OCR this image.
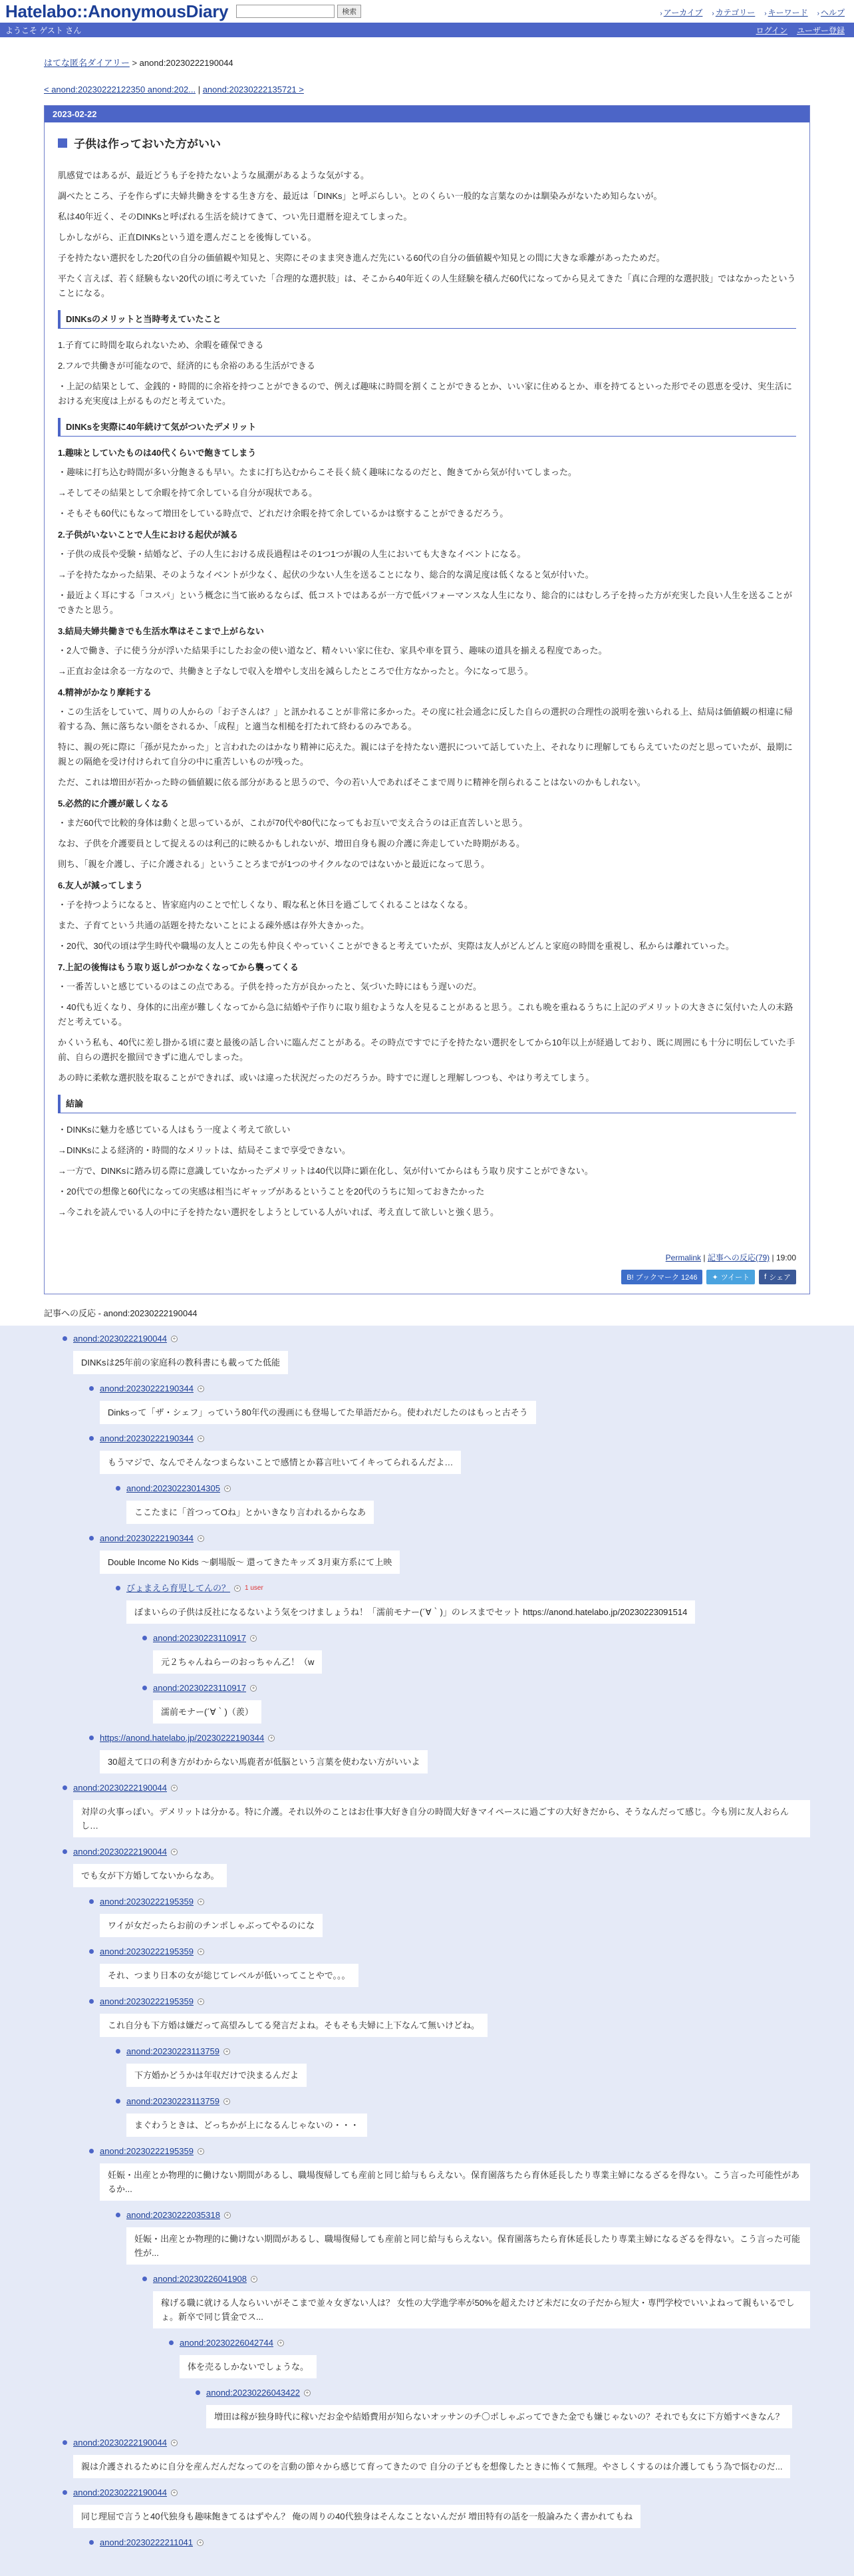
Hatelabo::AnonymousDiary	検索	› アーカイブ › カテゴリー › キーワード › ヘルプ
ようこそ ゲスト さん	ログイン ユーザー登録
はてな匿名ダイアリー > anond:20230222190044
< anond:20230222122350 anond:202... | anond:20230222135721 >
2023-02-22
子供は作っておいた方がいい
肌感覚ではあるが、最近どうも子を持たないような風潮があるような気がする。
調べたところ、子を作らずに夫婦共働きをする生き方を、最近は「DINKs」と呼ぶらしい。とのくらい一般的な言葉なのかは馴染みがないため知らないが。
私は40年近く、そのDINKsと呼ばれる生活を続けてきて、つい先日還暦を迎えてしまった。
しかしながら、正直DINKsという道を選んだことを後悔している。
子を持たない選択をした20代の自分の価値観や知見と、実際にそのまま突き進んだ先にいる60代の自分の価値観や知見との間に大きな乖離があったためだ。
平たく言えば、若く経験もない20代の頃に考えていた「合理的な選択肢」は、そこから40年近くの人生経験を積んだ60代になってから見えてきた「真に合理的な選択肢」ではなかったということになる。
DINKsのメリットと当時考えていたこと
1.子育てに時間を取られないため、余暇を確保できる
2.フルで共働きが可能なので、経済的にも余裕のある生活ができる
・上記の結果として、金銭的・時間的に余裕を持つことができるので、例えば趣味に時間を割くことができるとか、いい家に住めるとか、車を持てるといった形でその恩恵を受け、実生活における充実度は上がるものだと考えていた。
DINKsを実際に40年続けて気がついたデメリット
1.趣味としていたものは40代くらいで飽きてしまう
・趣味に打ち込む時間が多い分飽きるも早い。たまに打ち込むからこそ長く続く趣味になるのだと、飽きてから気が付いてしまった。
→そしてその結果として余暇を持て余している自分が現状である。
・そもそも60代にもなって増田をしている時点で、どれだけ余暇を持て余しているかは察することができるだろう。
2.子供がいないことで人生における起伏が減る
・子供の成長や受験・結婚など、子の人生における成長過程はその1つ1つが親の人生においても大きなイベントになる。
→子を持たなかった結果、そのようなイベントが少なく、起伏の少ない人生を送ることになり、総合的な満足度は低くなると気が付いた。
・最近よく耳にする「コスパ」という概念に当て嵌めるならば、低コストではあるが一方で低パフォーマンスな人生になり、総合的にはむしろ子を持った方が充実した良い人生を送ることができたと思う。
3.結局夫婦共働きでも生活水準はそこまで上がらない
・2人で働き、子に使う分が浮いた結果手にしたお金の使い道など、精々いい家に住む、家具や車を買う、趣味の道具を揃える程度であった。
→正直お金は余る一方なので、共働きと子なしで収入を増やし支出を減らしたところで仕方なかったと。今になって思う。
4.精神がかなり摩耗する
・この生活をしていて、周りの人からの「お子さんは？」と訊かれることが非常に多かった。その度に社会通念に反した自らの選択の合理性の説明を強いられる上、結局は価値観の相違に帰着する為、無に落ちない顔をされるか、「成程」と適当な相槌を打たれて終わるのみである。
特に、親の死に際に「孫が見たかった」と言われたのはかなり精神に応えた。親には子を持たない選択について話していた上、それなりに理解してもらえていたのだと思っていたが、最期に親との隔絶を受け付けられて自分の中に重苦しいものが残った。
ただ、これは増田が若かった時の価値観に依る部分があると思うので、今の若い人であればそこまで周りに精神を削られることはないのかもしれない。
5.必然的に介護が厳しくなる
・まだ60代で比較的身体は動くと思っているが、これが70代や80代になってもお互いで支え合うのは正直苦しいと思う。
なお、子供を介護要員として捉えるのは利己的に映るかもしれないが、増田自身も親の介護に奔走していた時期がある。
則ち、「親を介護し、子に介護される」ということろまでが1つのサイクルなのではないかと最近になって思う。
6.友人が減ってしまう
・子を持つようになると、皆家庭内のことで忙しくなり、暇な私と休日を過ごしてくれることはなくなる。
また、子育てという共通の話題を持たないことによる疎外感は存外大きかった。
・20代、30代の頃は学生時代や職場の友人とこの先も仲良くやっていくことができると考えていたが、実際は友人がどんどんと家庭の時間を重視し、私からは離れていった。
7.上記の後悔はもう取り返しがつかなくなってから襲ってくる
・一番苦しいと感じているのはこの点である。子供を持った方が良かったと、気づいた時にはもう遅いのだ。
・40代も近くなり、身体的に出産が難しくなってから急に結婚や子作りに取り組むような人を見ることがあると思う。これも晩を重ねるうちに上記のデメリットの大きさに気付いた人の末路だと考えている。
かくいう私も、40代に差し掛かる頃に妻と最後の話し合いに臨んだことがある。その時点ですでに子を持たない選択をしてから10年以上が経過しており、既に周囲にも十分に明伝していた手前、自らの選択を撤回できずに進んでしまった。
あの時に柔軟な選択肢を取ることができれば、或いは違った状況だったのだろうか。時すでに遅しと理解しつつも、やはり考えてしまう。
結論
・DINKsに魅力を感じている人はもう一度よく考えて欲しい
→DINKsによる経済的・時間的なメリットは、結局そこまで享受できない。
→一方で、DINKsに踏み切る際に意識していなかったデメリットは40代以降に顕在化し、気が付いてからはもう取り戻すことができない。
・20代での想像と60代になっての実感は相当にギャップがあるということを20代のうちに知っておきたかった
→今これを読んでいる人の中に子を持たない選択をしようとしている人がいれば、考え直して欲しいと強く思う。
Permalink | 記事への反応(79) | 19:00
B! ブックマーク 1246	✦ ツイート f シェア
記事への反応 - anond:20230222190044
anond:20230222190044	+
DINKsは25年前の家庭科の教科書にも載ってた低能
anond:20230222190344	+
Dinksって「ザ・シェフ」っていう80年代の漫画にも登場してた単語だから。使われだしたのはもっと古そう
anond:20230222190344	+
もうマジで、なんでそんなつまらないことで感情とか暮言吐いてイキってられるんだよ…
anond:20230223014305	+
ここたまに「首つってOね」とかいきなり言われるからなあ
anond:20230222190344	+
Double Income No Kids ～劇場版～ 還ってきたキッズ 3月東方系にて上映
びょまえら育児してんの？	+ 1 user
ぼまいらの子供は反社になるないよう気をつけましょうね！「濡前モナー(´∀｀)」のレスまでセット https://anond.hatelabo.jp/20230223091514
anond:20230223110917	+
元２ちゃんねらーのおっちゃん乙！（w
anond:20230223110917	+
濡前モナー(´∀｀)（羨）
https://anond.hatelabo.jp/20230222190344	+
30超えて口の利き方がわからない馬鹿者が低脳という言葉を使わない方がいいよ
anond:20230222190044	+
対岸の火事っぽい。デメリットは分かる。特に介護。それ以外のことはお仕事大好き自分の時間大好きマイペースに過ごすの大好きだから、そうなんだって感じ。今も別に友人おらんし…
anond:20230222190044	+
でも女が下方婚してないからなあ。
anond:20230222195359	+
ワイが女だったらお前のチンポしゃぶってやるのにな
anond:20230222195359	+
それ、つまり日本の女が総じてレベルが低いってことやで。。。
anond:20230222195359	+
これ自分も下方婚は嫌だって高望みしてる発言だよね。そもそも夫婦に上下なんて無いけどね。
anond:20230223113759	+
下方婚かどうかは年収だけで決まるんだよ
anond:20230223113759	+
まぐわうときは、どっちかが上になるんじゃないの・・・
anond:20230222195359	+
妊娠・出産とか物理的に働けない期間があるし、職場復帰しても産前と同じ給与もらえない。保育園落ちたら育休延長したり専業主婦になるざるを得ない。こう言った可能性があるか...
anond:20230222035318	+
妊娠・出産とか物理的に働けない期間があるし、職場復帰しても産前と同じ給与もらえない。保育園落ちたら育休延長したり専業主婦になるざるを得ない。こう言った可能性が...
anond:20230226041908	+
稼げる職に就ける人ならいいがそこまで並々女ぎない人は？ 女性の大学進学率が50%を超えたけど未だに女の子だから短大・専門学校でいいよねって親もいるでしょ。新卒で同じ賃金でス...
anond:20230226042744	+
体を売るしかないでしょうな。
anond:20230226043422	+
増田は稼が独身時代に稼いだお金や結婚費用が知らないオッサンのチ〇ポしゃぶってできた金でも嫌じゃないの？それでも女に下方婚すべきなん？
anond:20230222190044	+
親は介護されるために自分を産んだんだなってのを言動の節々から感じて育ってきたので 自分の子どもを想像したときに怖くて無理。やさしくするのは介護してもう為で悩むのだ...
anond:20230222190044	+
同じ理屈で言うと40代独身も趣味飽きてるはずやん？ 俺の周りの40代独身はそんなことないんだが 増田特有の話を一般論みたく書かれてもね
anond:20230222211041	+
